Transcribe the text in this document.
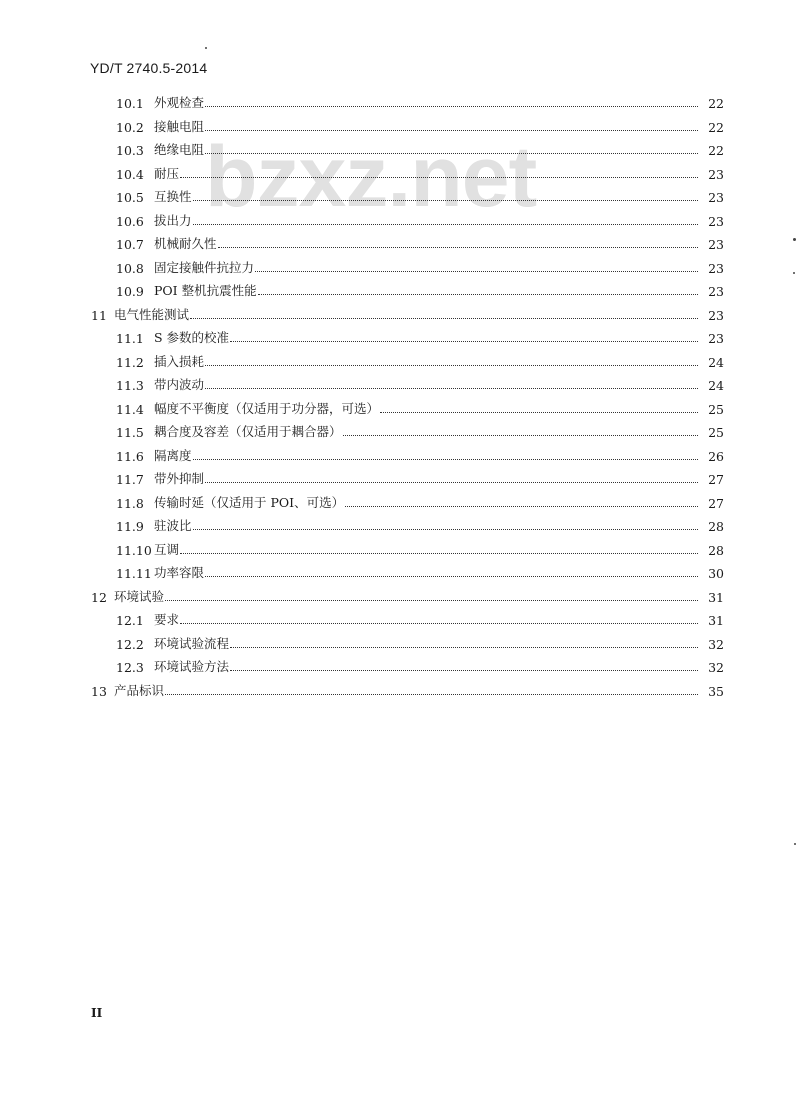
YD/T 2740.5-2014
bzxz.net
10.1 外观检查	22
10.2 接触电阻	22
10.3 绝缘电阻	22
10.4 耐压	23
10.5 互换性	23
10.6 拔出力	23
10.7 机械耐久性	23
10.8 固定接触件抗拉力	23
10.9 POI 整机抗震性能	23
11 电气性能测试	23
11.1 S 参数的校准	23
11.2 插入损耗	24
11.3 带内波动	24
11.4 幅度不平衡度（仅适用于功分器，可选）	25
11.5 耦合度及容差（仅适用于耦合器）	25
11.6 隔离度	26
11.7 带外抑制	27
11.8 传输时延（仅适用于 POI、可选）	27
11.9 驻波比	28
11.10 互调	28
11.11 功率容限	30
12 环境试验	31
12.1 要求	31
12.2 环境试验流程	32
12.3 环境试验方法	32
13 产品标识	35
II
